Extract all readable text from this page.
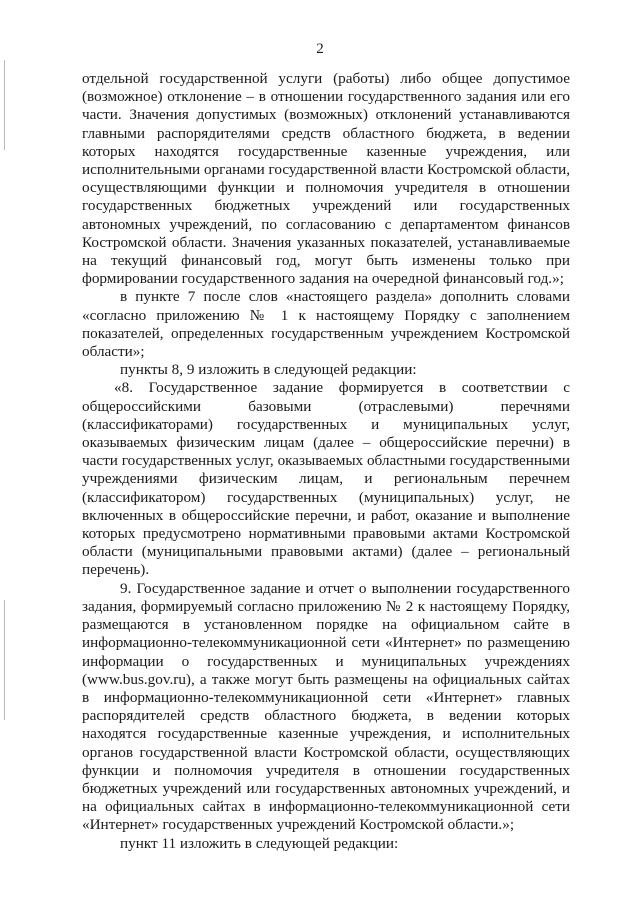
2

отдельной государственной услуги (работы) либо общее допустимое (возможное) отклонение – в отношении государственного задания или его части. Значения допустимых (возможных) отклонений устанавливаются главными распорядителями средств областного бюджета, в ведении которых находятся государственные казенные учреждения, или исполнительными органами государственной власти Костромской области, осуществляющими функции и полномочия учредителя в отношении государственных бюджетных учреждений или государственных автономных учреждений, по согласованию с департаментом финансов Костромской области. Значения указанных показателей, устанавливаемые на текущий финансовый год, могут быть изменены только при формировании государственного задания на очередной финансовый год.»;

в пункте 7 после слов «настоящего раздела» дополнить словами «согласно приложению № 1 к настоящему Порядку с заполнением показателей, определенных государственным учреждением Костромской области»;

пункты 8, 9 изложить в следующей редакции:

«8. Государственное задание формируется в соответствии с общероссийскими базовыми (отраслевыми) перечнями (классификаторами) государственных и муниципальных услуг, оказываемых физическим лицам (далее – общероссийские перечни) в части государственных услуг, оказываемых областными государственными учреждениями физическим лицам, и региональным перечнем (классификатором) государственных (муниципальных) услуг, не включенных в общероссийские перечни, и работ, оказание и выполнение которых предусмотрено нормативными правовыми актами Костромской области (муниципальными правовыми актами) (далее – региональный перечень).

9. Государственное задание и отчет о выполнении государственного задания, формируемый согласно приложению № 2 к настоящему Порядку, размещаются в установленном порядке на официальном сайте в информационно-телекоммуникационной сети «Интернет» по размещению информации о государственных и муниципальных учреждениях (www.bus.gov.ru), а также могут быть размещены на официальных сайтах в информационно-телекоммуникационной сети «Интернет» главных распорядителей средств областного бюджета, в ведении которых находятся государственные казенные учреждения, и исполнительных органов государственной власти Костромской области, осуществляющих функции и полномочия учредителя в отношении государственных бюджетных учреждений или государственных автономных учреждений, и на официальных сайтах в информационно-телекоммуникационной сети «Интернет» государственных учреждений Костромской области.»;

пункт 11 изложить в следующей редакции:
